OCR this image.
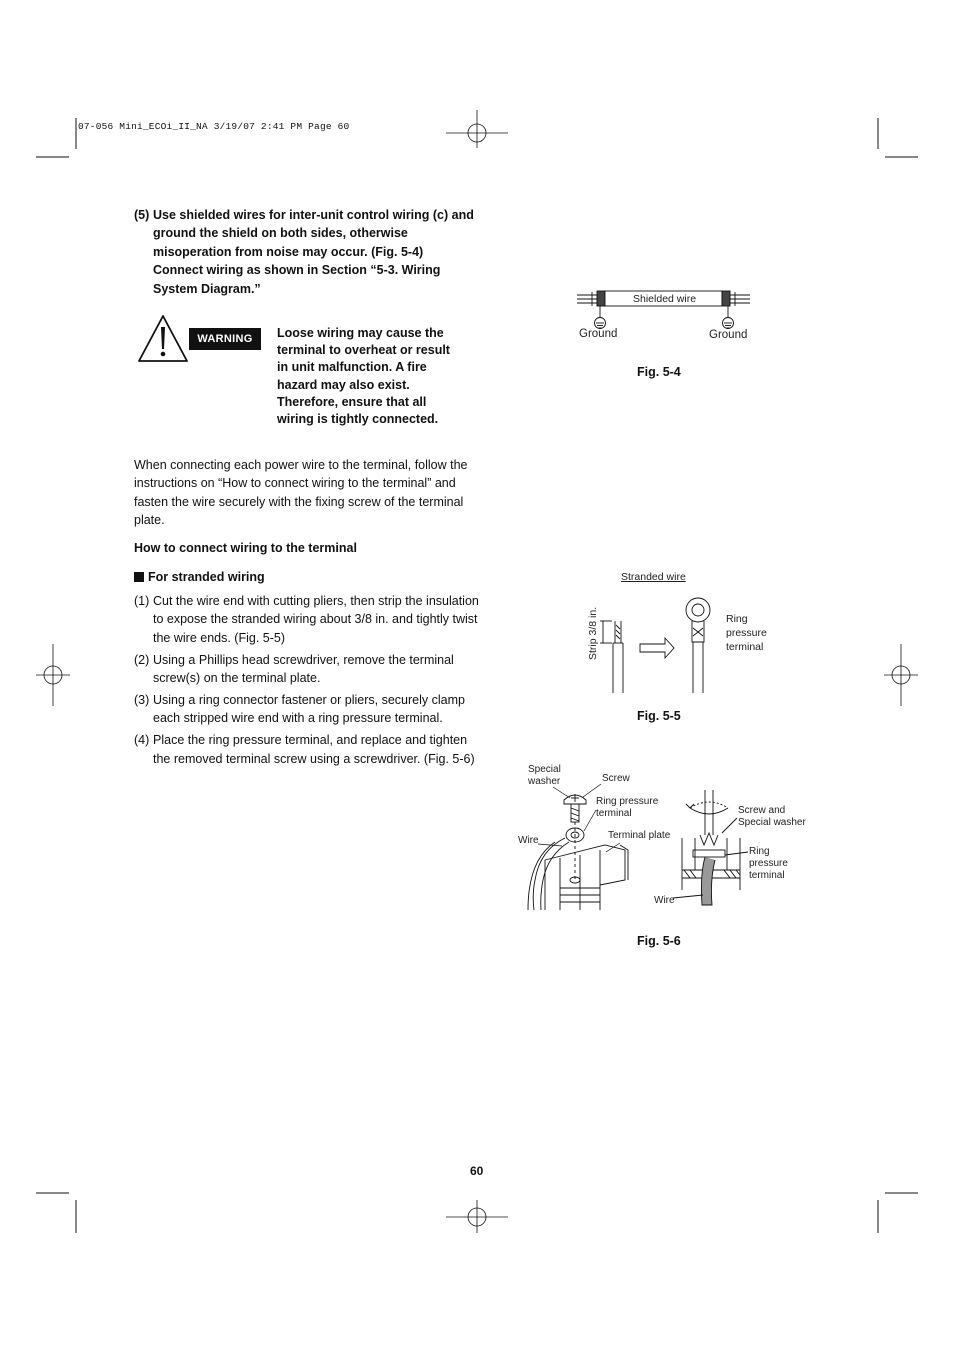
07-056 Mini_ECOi_II_NA 3/19/07 2:41 PM Page 60
(5) Use shielded wires for inter-unit control wiring (c) and ground the shield on both sides, otherwise misoperation from noise may occur. (Fig. 5-4) Connect wiring as shown in Section “5-3. Wiring System Diagram.”
WARNING	Loose wiring may cause the terminal to overheat or result in unit malfunction. A fire hazard may also exist. Therefore, ensure that all wiring is tightly connected.
When connecting each power wire to the terminal, follow the instructions on “How to connect wiring to the terminal” and fasten the wire securely with the fixing screw of the terminal plate.
How to connect wiring to the terminal
For stranded wiring
(1) Cut the wire end with cutting pliers, then strip the insulation to expose the stranded wiring about 3/8 in. and tightly twist the wire ends. (Fig. 5-5)
(2) Using a Phillips head screwdriver, remove the terminal screw(s) on the terminal plate.
(3) Using a ring connector fastener or pliers, securely clamp each stripped wire end with a ring pressure terminal.
(4) Place the ring pressure terminal, and replace and tighten the removed terminal screw using a screwdriver. (Fig. 5-6)
Shielded wire
Ground	Ground
Fig. 5-4
Stranded wire
Strip 3/8 in.	Ring
pressure
terminal
Fig. 5-5
Special
washer	Screw
Ring pressure
terminal
Wire	Terminal plate
Screw and
Special washer
Ring
pressure
terminal
Wire
Fig. 5-6
60
